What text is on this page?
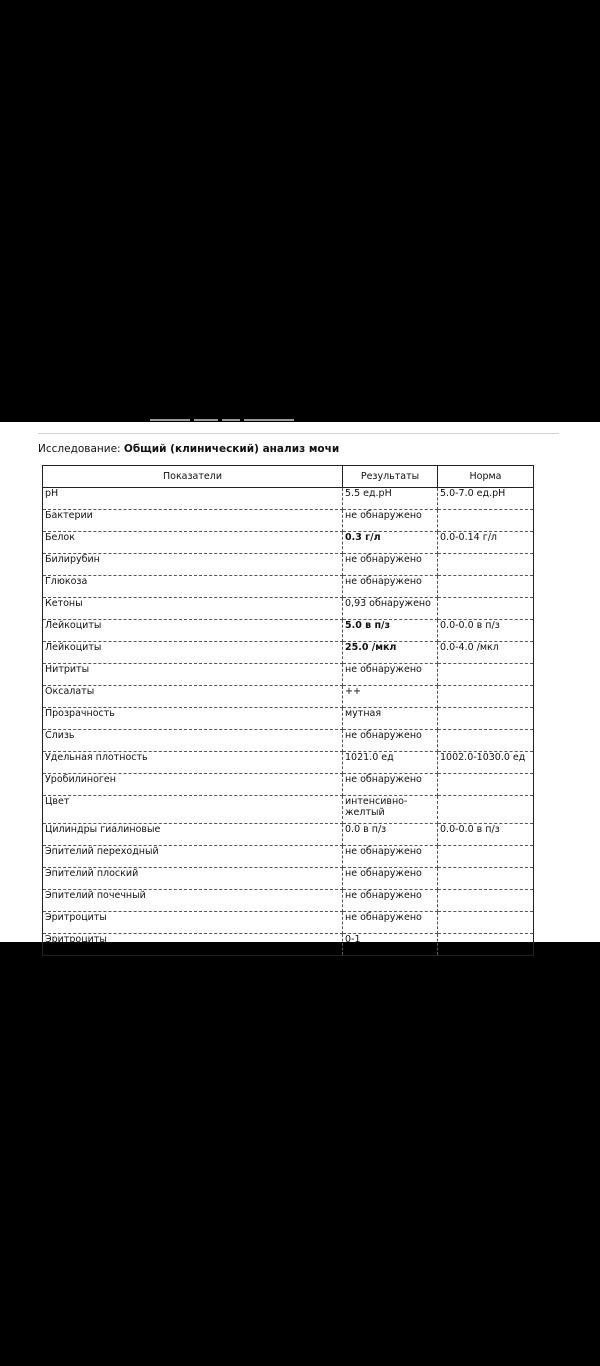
Исследование: Общий (клинический) анализ мочи
Показатели	Результаты	Норма
pH	5.5 ед.pH	5.0-7.0 ед.pH
Бактерии	не обнаружено	
Белок	0.3 г/л	0.0-0.14 г/л
Билирубин	не обнаружено	
Глюкоза	не обнаружено	
Кетоны	0,93 обнаружено	
Лейкоциты	5.0 в п/з	0.0-0.0 в п/з
Лейкоциты	25.0 /мкл	0.0-4.0 /мкл
Нитриты	не обнаружено	
Оксалаты	++	
Прозрачность	мутная	
Слизь	не обнаружено	
Удельная плотность	1021.0 ед	1002.0-1030.0 ед
Уробилиноген	не обнаружено	
Цвет	интенсивно-желтый	
Цилиндры гиалиновые	0.0 в п/з	0.0-0.0 в п/з
Эпителий переходный	не обнаружено	
Эпителий плоский	не обнаружено	
Эпителий почечный	не обнаружено	
Эритроциты	не обнаружено	
Эритроциты	0-1	
